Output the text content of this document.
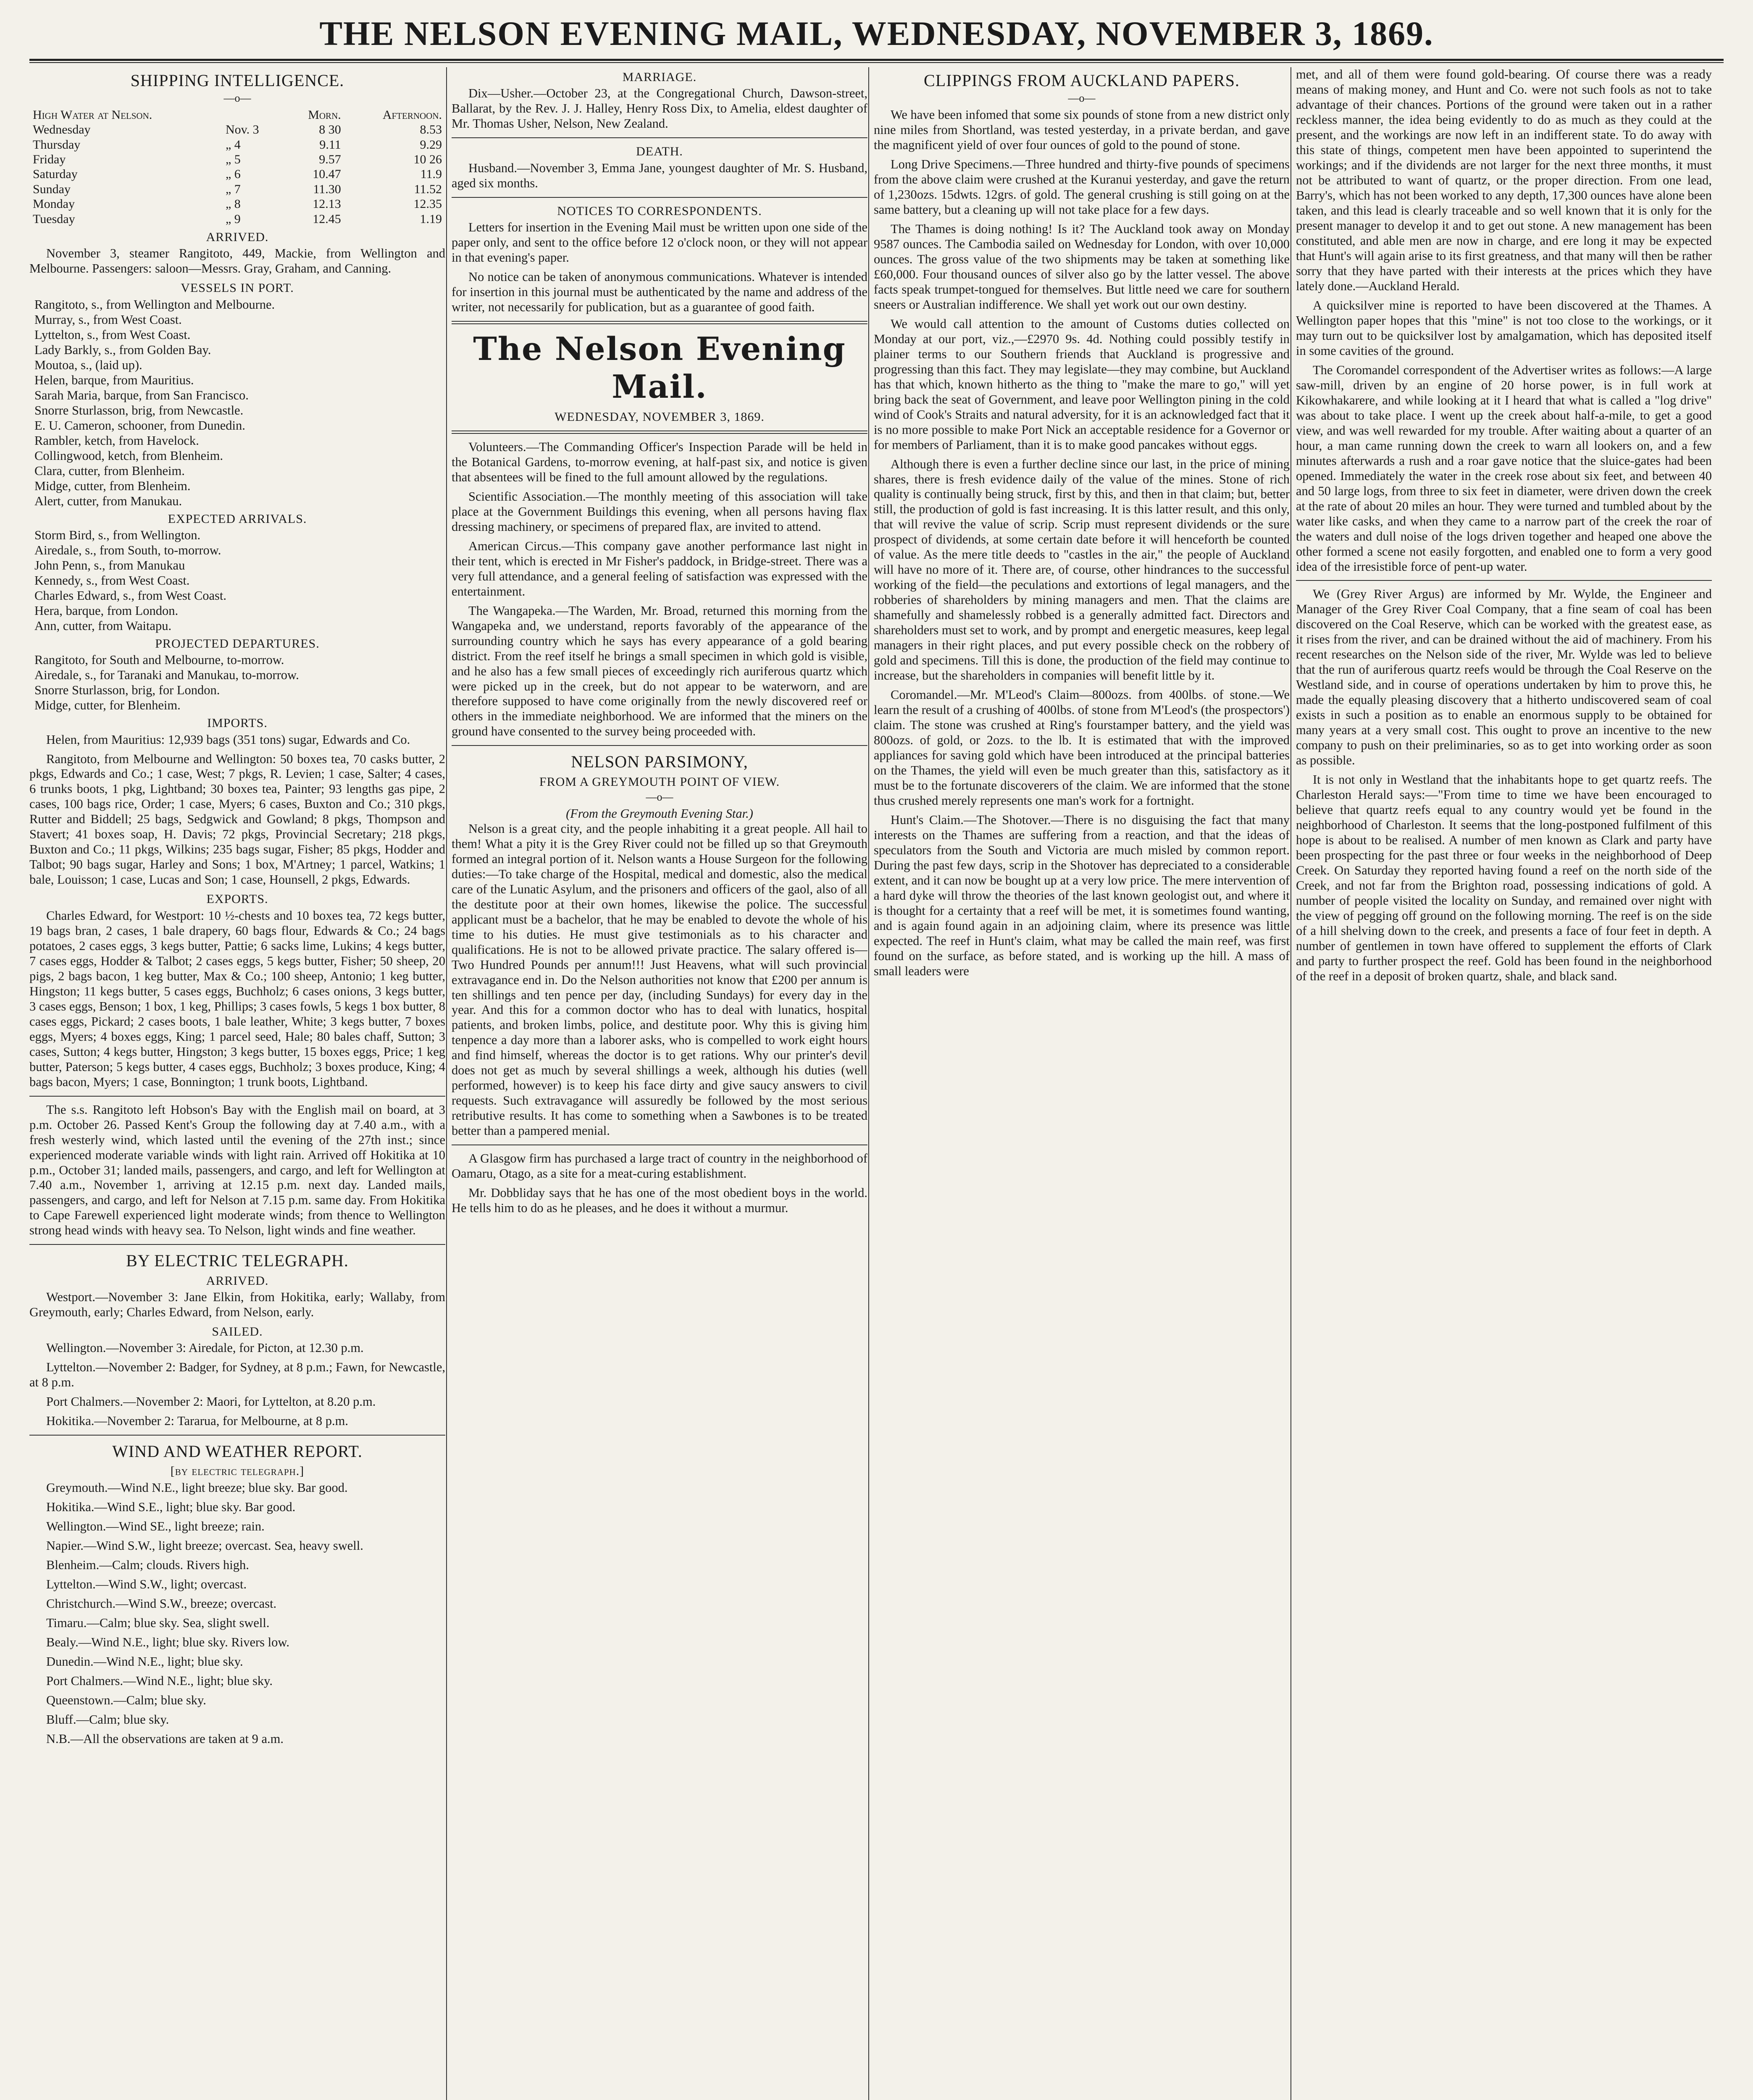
THE NELSON EVENING MAIL, WEDNESDAY, NOVEMBER 3, 1869.
SHIPPING INTELLIGENCE.
—o—
High Water at Nelson.		Morn.	Afternoon.
Wednesday	Nov. 3	8 30	8.53
Thursday	„ 4	9.11	9.29
Friday	„ 5	9.57	10 26
Saturday	„ 6	10.47	11.9
Sunday	„ 7	11.30	11.52
Monday	„ 8	12.13	12.35
Tuesday	„ 9	12.45	1.19
ARRIVED.

November 3, steamer Rangitoto, 449, Mackie, from Wellington and Melbourne. Passengers: saloon—Messrs. Gray, Graham, and Canning.

VESSELS IN PORT.
Rangitoto, s., from Wellington and Melbourne.
Murray, s., from West Coast.
Lyttelton, s., from West Coast.
Lady Barkly, s., from Golden Bay.
Moutoa, s., (laid up).
Helen, barque, from Mauritius.
Sarah Maria, barque, from San Francisco.
Snorre Sturlasson, brig, from Newcastle.
E. U. Cameron, schooner, from Dunedin.
Rambler, ketch, from Havelock.
Collingwood, ketch, from Blenheim.
Clara, cutter, from Blenheim.
Midge, cutter, from Blenheim.
Alert, cutter, from Manukau.
EXPECTED ARRIVALS.
Storm Bird, s., from Wellington.
Airedale, s., from South, to-morrow.
John Penn, s., from Manukau
Kennedy, s., from West Coast.
Charles Edward, s., from West Coast.
Hera, barque, from London.
Ann, cutter, from Waitapu.
PROJECTED DEPARTURES.
Rangitoto, for South and Melbourne, to-morrow.
Airedale, s., for Taranaki and Manukau, to-morrow.
Snorre Sturlasson, brig, for London.
Midge, cutter, for Blenheim.
IMPORTS.

Helen, from Mauritius: 12,939 bags (351 tons) sugar, Edwards and Co.

Rangitoto, from Melbourne and Wellington: 50 boxes tea, 70 casks butter, 2 pkgs, Edwards and Co.; 1 case, West; 7 pkgs, R. Levien; 1 case, Salter; 4 cases, 6 trunks boots, 1 pkg, Lightband; 30 boxes tea, Painter; 93 lengths gas pipe, 2 cases, 100 bags rice, Order; 1 case, Myers; 6 cases, Buxton and Co.; 310 pkgs, Rutter and Biddell; 25 bags, Sedgwick and Gowland; 8 pkgs, Thompson and Stavert; 41 boxes soap, H. Davis; 72 pkgs, Provincial Secretary; 218 pkgs, Buxton and Co.; 11 pkgs, Wilkins; 235 bags sugar, Fisher; 85 pkgs, Hodder and Talbot; 90 bags sugar, Harley and Sons; 1 box, M'Artney; 1 parcel, Watkins; 1 bale, Louisson; 1 case, Lucas and Son; 1 case, Hounsell, 2 pkgs, Edwards.

EXPORTS.

Charles Edward, for Westport: 10 ½-chests and 10 boxes tea, 72 kegs butter, 19 bags bran, 2 cases, 1 bale drapery, 60 bags flour, Edwards & Co.; 24 bags potatoes, 2 cases eggs, 3 kegs butter, Pattie; 6 sacks lime, Lukins; 4 kegs butter, 7 cases eggs, Hodder & Talbot; 2 cases eggs, 5 kegs butter, Fisher; 50 sheep, 20 pigs, 2 bags bacon, 1 keg butter, Max & Co.; 100 sheep, Antonio; 1 keg butter, Hingston; 11 kegs butter, 5 cases eggs, Buchholz; 6 cases onions, 3 kegs butter, 3 cases eggs, Benson; 1 box, 1 keg, Phillips; 3 cases fowls, 5 kegs 1 box butter, 8 cases eggs, Pickard; 2 cases boots, 1 bale leather, White; 3 kegs butter, 7 boxes eggs, Myers; 4 boxes eggs, King; 1 parcel seed, Hale; 80 bales chaff, Sutton; 3 cases, Sutton; 4 kegs butter, Hingston; 3 kegs butter, 15 boxes eggs, Price; 1 keg butter, Paterson; 5 kegs butter, 4 cases eggs, Buchholz; 3 boxes produce, King; 4 bags bacon, Myers; 1 case, Bonnington; 1 trunk boots, Lightband.

The s.s. Rangitoto left Hobson's Bay with the English mail on board, at 3 p.m. October 26. Passed Kent's Group the following day at 7.40 a.m., with a fresh westerly wind, which lasted until the evening of the 27th inst.; since experienced moderate variable winds with light rain. Arrived off Hokitika at 10 p.m., October 31; landed mails, passengers, and cargo, and left for Wellington at 7.40 a.m., November 1, arriving at 12.15 p.m. next day. Landed mails, passengers, and cargo, and left for Nelson at 7.15 p.m. same day. From Hokitika to Cape Farewell experienced light moderate winds; from thence to Wellington strong head winds with heavy sea. To Nelson, light winds and fine weather.

BY ELECTRIC TELEGRAPH.
ARRIVED.

Westport.—November 3: Jane Elkin, from Hokitika, early; Wallaby, from Greymouth, early; Charles Edward, from Nelson, early.

SAILED.

Wellington.—November 3: Airedale, for Picton, at 12.30 p.m.

Lyttelton.—November 2: Badger, for Sydney, at 8 p.m.; Fawn, for Newcastle, at 8 p.m.

Port Chalmers.—November 2: Maori, for Lyttelton, at 8.20 p.m.

Hokitika.—November 2: Tararua, for Melbourne, at 8 p.m.

WIND AND WEATHER REPORT.
[by electric telegraph.]

Greymouth.—Wind N.E., light breeze; blue sky. Bar good.

Hokitika.—Wind S.E., light; blue sky. Bar good.

Wellington.—Wind SE., light breeze; rain.

Napier.—Wind S.W., light breeze; overcast. Sea, heavy swell.

Blenheim.—Calm; clouds. Rivers high.

Lyttelton.—Wind S.W., light; overcast.

Christchurch.—Wind S.W., breeze; overcast.

Timaru.—Calm; blue sky. Sea, slight swell.

Bealy.—Wind N.E., light; blue sky. Rivers low.

Dunedin.—Wind N.E., light; blue sky.

Port Chalmers.—Wind N.E., light; blue sky.

Queenstown.—Calm; blue sky.

Bluff.—Calm; blue sky.

N.B.—All the observations are taken at 9 a.m.

MARRIAGE.

Dix—Usher.—October 23, at the Congregational Church, Dawson-street, Ballarat, by the Rev. J. J. Halley, Henry Ross Dix, to Amelia, eldest daughter of Mr. Thomas Usher, Nelson, New Zealand.

DEATH.

Husband.—November 3, Emma Jane, youngest daughter of Mr. S. Husband, aged six months.

NOTICES TO CORRESPONDENTS.

Letters for insertion in the Evening Mail must be written upon one side of the paper only, and sent to the office before 12 o'clock noon, or they will not appear in that evening's paper.

No notice can be taken of anonymous communications. Whatever is intended for insertion in this journal must be authenticated by the name and address of the writer, not necessarily for publication, but as a guarantee of good faith.

The Nelson Evening Mail.
WEDNESDAY, NOVEMBER 3, 1869.

Volunteers.—The Commanding Officer's Inspection Parade will be held in the Botanical Gardens, to-morrow evening, at half-past six, and notice is given that absentees will be fined to the full amount allowed by the regulations.

Scientific Association.—The monthly meeting of this association will take place at the Government Buildings this evening, when all persons having flax dressing machinery, or specimens of prepared flax, are invited to attend.

American Circus.—This company gave another performance last night in their tent, which is erected in Mr Fisher's paddock, in Bridge-street. There was a very full attendance, and a general feeling of satisfaction was expressed with the entertainment.

The Wangapeka.—The Warden, Mr. Broad, returned this morning from the Wangapeka and, we understand, reports favorably of the appearance of the surrounding country which he says has every appearance of a gold bearing district. From the reef itself he brings a small specimen in which gold is visible, and he also has a few small pieces of exceedingly rich auriferous quartz which were picked up in the creek, but do not appear to be waterworn, and are therefore supposed to have come originally from the newly discovered reef or others in the immediate neighborhood. We are informed that the miners on the ground have consented to the survey being proceeded with.

NELSON PARSIMONY,
FROM A GREYMOUTH POINT OF VIEW.
—o—
(From the Greymouth Evening Star.)

Nelson is a great city, and the people inhabiting it a great people. All hail to them! What a pity it is the Grey River could not be filled up so that Greymouth formed an integral portion of it. Nelson wants a House Surgeon for the following duties:—To take charge of the Hospital, medical and domestic, also the medical care of the Lunatic Asylum, and the prisoners and officers of the gaol, also of all the destitute poor at their own homes, likewise the police. The successful applicant must be a bachelor, that he may be enabled to devote the whole of his time to his duties. He must give testimonials as to his character and qualifications. He is not to be allowed private practice. The salary offered is—Two Hundred Pounds per annum!!! Just Heavens, what will such provincial extravagance end in. Do the Nelson authorities not know that £200 per annum is ten shillings and ten pence per day, (including Sundays) for every day in the year. And this for a common doctor who has to deal with lunatics, hospital patients, and broken limbs, police, and destitute poor. Why this is giving him tenpence a day more than a laborer asks, who is compelled to work eight hours and find himself, whereas the doctor is to get rations. Why our printer's devil does not get as much by several shillings a week, although his duties (well performed, however) is to keep his face dirty and give saucy answers to civil requests. Such extravagance will assuredly be followed by the most serious retributive results. It has come to something when a Sawbones is to be treated better than a pampered menial.

A Glasgow firm has purchased a large tract of country in the neighborhood of Oamaru, Otago, as a site for a meat-curing establishment.

Mr. Dobbliday says that he has one of the most obedient boys in the world. He tells him to do as he pleases, and he does it without a murmur.

CLIPPINGS FROM AUCKLAND PAPERS.
—o—

We have been infomed that some six pounds of stone from a new district only nine miles from Shortland, was tested yesterday, in a private berdan, and gave the magnificent yield of over four ounces of gold to the pound of stone.

Long Drive Specimens.—Three hundred and thirty-five pounds of specimens from the above claim were crushed at the Kuranui yesterday, and gave the return of 1,230ozs. 15dwts. 12grs. of gold. The general crushing is still going on at the same battery, but a cleaning up will not take place for a few days.

The Thames is doing nothing! Is it? The Auckland took away on Monday 9587 ounces. The Cambodia sailed on Wednesday for London, with over 10,000 ounces. The gross value of the two shipments may be taken at something like £60,000. Four thousand ounces of silver also go by the latter vessel. The above facts speak trumpet-tongued for themselves. But little need we care for southern sneers or Australian indifference. We shall yet work out our own destiny.

We would call attention to the amount of Customs duties collected on Monday at our port, viz.,—£2970 9s. 4d. Nothing could possibly testify in plainer terms to our Southern friends that Auckland is progressive and progressing than this fact. They may legislate—they may combine, but Auckland has that which, known hitherto as the thing to "make the mare to go," will yet bring back the seat of Government, and leave poor Wellington pining in the cold wind of Cook's Straits and natural adversity, for it is an acknowledged fact that it is no more possible to make Port Nick an acceptable residence for a Governor or for members of Parliament, than it is to make good pancakes without eggs.

Although there is even a further decline since our last, in the price of mining shares, there is fresh evidence daily of the value of the mines. Stone of rich quality is continually being struck, first by this, and then in that claim; but, better still, the production of gold is fast increasing. It is this latter result, and this only, that will revive the value of scrip. Scrip must represent dividends or the sure prospect of dividends, at some certain date before it will henceforth be counted of value. As the mere title deeds to "castles in the air," the people of Auckland will have no more of it. There are, of course, other hindrances to the successful working of the field—the peculations and extortions of legal managers, and the robberies of shareholders by mining managers and men. That the claims are shamefully and shamelessly robbed is a generally admitted fact. Directors and shareholders must set to work, and by prompt and energetic measures, keep legal managers in their right places, and put every possible check on the robbery of gold and specimens. Till this is done, the production of the field may continue to increase, but the shareholders in companies will benefit little by it.

Coromandel.—Mr. M'Leod's Claim—800ozs. from 400lbs. of stone.—We learn the result of a crushing of 400lbs. of stone from M'Leod's (the prospectors') claim. The stone was crushed at Ring's fourstamper battery, and the yield was 800ozs. of gold, or 2ozs. to the lb. It is estimated that with the improved appliances for saving gold which have been introduced at the principal batteries on the Thames, the yield will even be much greater than this, satisfactory as it must be to the fortunate discoverers of the claim. We are informed that the stone thus crushed merely represents one man's work for a fortnight.

Hunt's Claim.—The Shotover.—There is no disguising the fact that many interests on the Thames are suffering from a reaction, and that the ideas of speculators from the South and Victoria are much misled by common report. During the past few days, scrip in the Shotover has depreciated to a considerable extent, and it can now be bought up at a very low price. The mere intervention of a hard dyke will throw the theories of the last known geologist out, and where it is thought for a certainty that a reef will be met, it is sometimes found wanting, and is again found again in an adjoining claim, where its presence was little expected. The reef in Hunt's claim, what may be called the main reef, was first found on the surface, as before stated, and is working up the hill. A mass of small leaders were

met, and all of them were found gold-bearing. Of course there was a ready means of making money, and Hunt and Co. were not such fools as not to take advantage of their chances. Portions of the ground were taken out in a rather reckless manner, the idea being evidently to do as much as they could at the present, and the workings are now left in an indifferent state. To do away with this state of things, competent men have been appointed to superintend the workings; and if the dividends are not larger for the next three months, it must not be attributed to want of quartz, or the proper direction. From one lead, Barry's, which has not been worked to any depth, 17,300 ounces have alone been taken, and this lead is clearly traceable and so well known that it is only for the present manager to develop it and to get out stone. A new management has been constituted, and able men are now in charge, and ere long it may be expected that Hunt's will again arise to its first greatness, and that many will then be rather sorry that they have parted with their interests at the prices which they have lately done.—Auckland Herald.

A quicksilver mine is reported to have been discovered at the Thames. A Wellington paper hopes that this "mine" is not too close to the workings, or it may turn out to be quicksilver lost by amalgamation, which has deposited itself in some cavities of the ground.

The Coromandel correspondent of the Advertiser writes as follows:—A large saw-mill, driven by an engine of 20 horse power, is in full work at Kikowhakarere, and while looking at it I heard that what is called a "log drive" was about to take place. I went up the creek about half-a-mile, to get a good view, and was well rewarded for my trouble. After waiting about a quarter of an hour, a man came running down the creek to warn all lookers on, and a few minutes afterwards a rush and a roar gave notice that the sluice-gates had been opened. Immediately the water in the creek rose about six feet, and between 40 and 50 large logs, from three to six feet in diameter, were driven down the creek at the rate of about 20 miles an hour. They were turned and tumbled about by the water like casks, and when they came to a narrow part of the creek the roar of the waters and dull noise of the logs driven together and heaped one above the other formed a scene not easily forgotten, and enabled one to form a very good idea of the irresistible force of pent-up water.

We (Grey River Argus) are informed by Mr. Wylde, the Engineer and Manager of the Grey River Coal Company, that a fine seam of coal has been discovered on the Coal Reserve, which can be worked with the greatest ease, as it rises from the river, and can be drained without the aid of machinery. From his recent researches on the Nelson side of the river, Mr. Wylde was led to believe that the run of auriferous quartz reefs would be through the Coal Reserve on the Westland side, and in course of operations undertaken by him to prove this, he made the equally pleasing discovery that a hitherto undiscovered seam of coal exists in such a position as to enable an enormous supply to be obtained for many years at a very small cost. This ought to prove an incentive to the new company to push on their preliminaries, so as to get into working order as soon as possible.

It is not only in Westland that the inhabitants hope to get quartz reefs. The Charleston Herald says:—"From time to time we have been encouraged to believe that quartz reefs equal to any country would yet be found in the neighborhood of Charleston. It seems that the long-postponed fulfilment of this hope is about to be realised. A number of men known as Clark and party have been prospecting for the past three or four weeks in the neighborhood of Deep Creek. On Saturday they reported having found a reef on the north side of the Creek, and not far from the Brighton road, possessing indications of gold. A number of people visited the locality on Sunday, and remained over night with the view of pegging off ground on the following morning. The reef is on the side of a hill shelving down to the creek, and presents a face of four feet in depth. A number of gentlemen in town have offered to supplement the efforts of Clark and party to further prospect the reef. Gold has been found in the neighborhood of the reef in a deposit of broken quartz, shale, and black sand.
